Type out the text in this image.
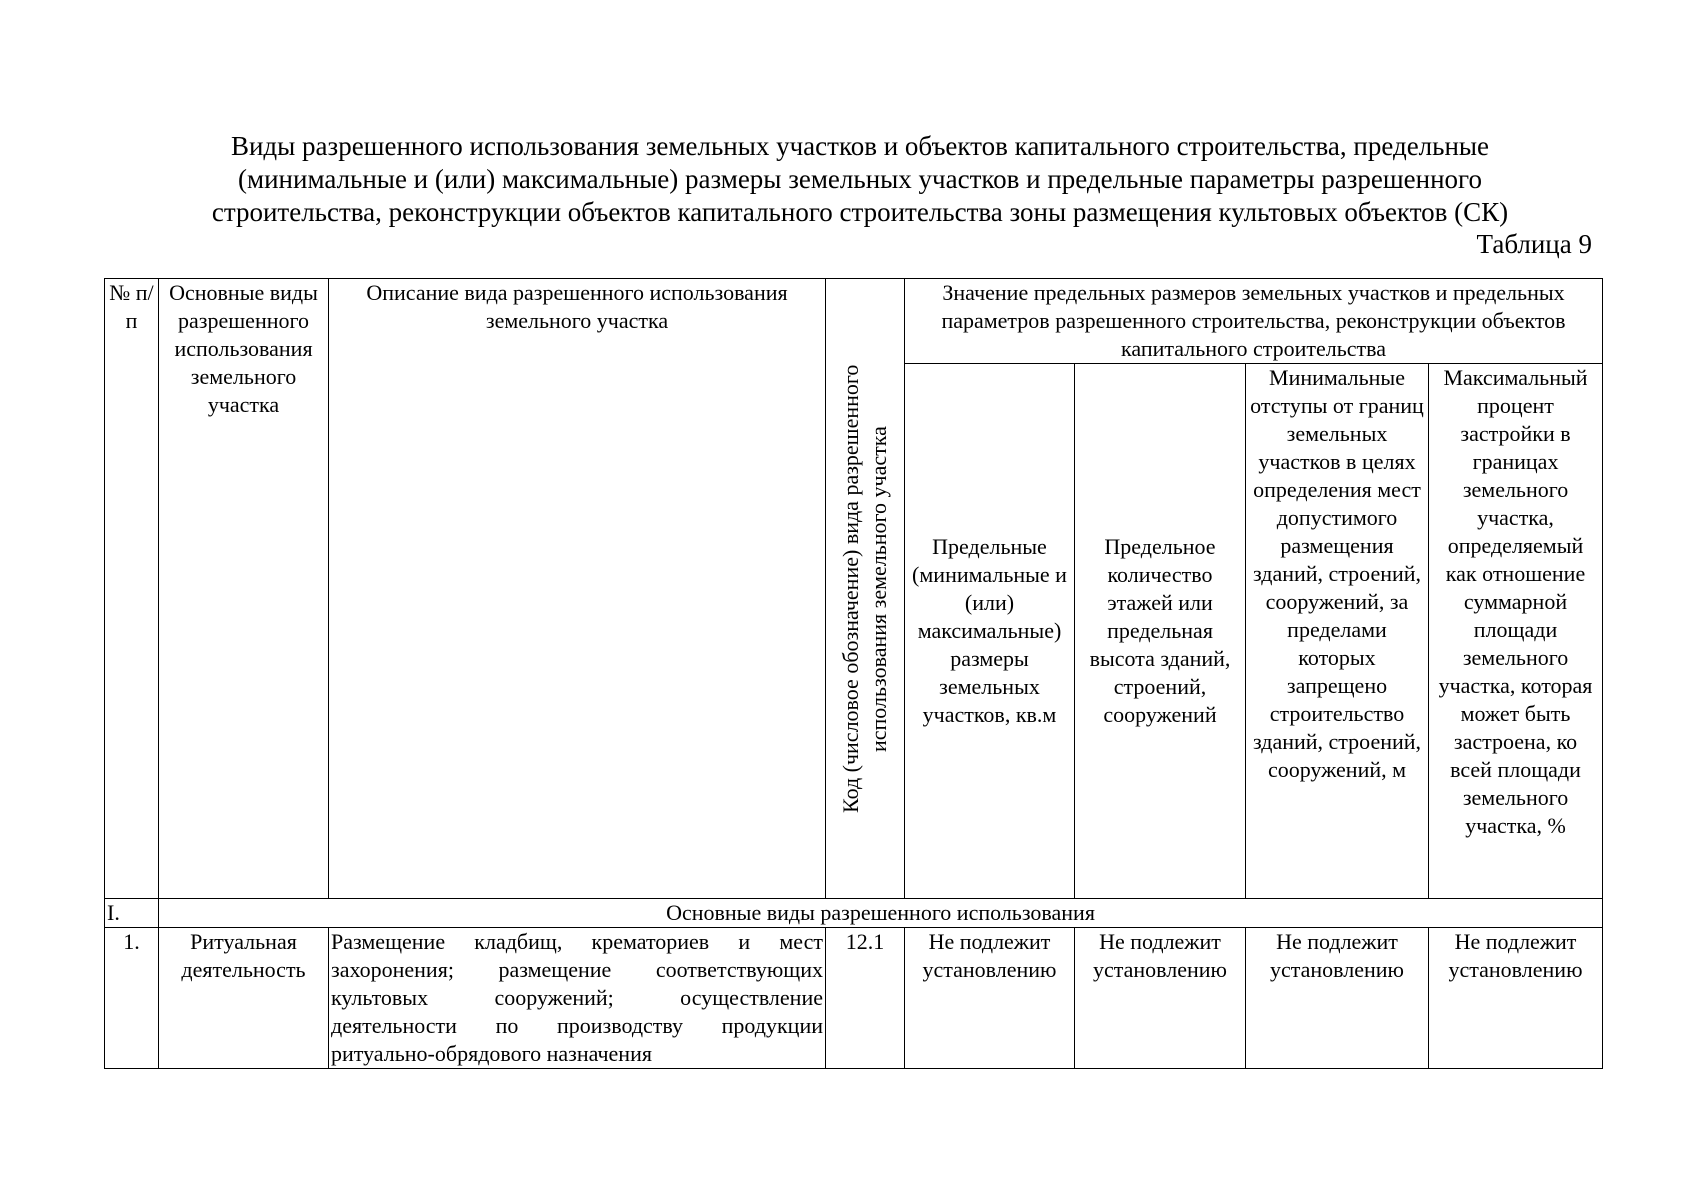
Виды разрешенного использования земельных участков и объектов капитального строительства, предельные
(минимальные и (или) максимальные) размеры земельных участков и предельные параметры разрешенного
строительства, реконструкции объектов капитального строительства зоны размещения культовых объектов (СК)
Таблица 9
№ п/п	Основные виды разрешенного использования земельного участка	Описание вида разрешенного использования земельного участка	Код (числовое обозначение) вида разрешенного использования земельного участка	Значение предельных размеров земельных участков и предельных параметров разрешенного строительства, реконструкции объектов капитального строительства			
				Предельные (минимальные и (или) максимальные) размеры земельных участков, кв.м	Предельное количество этажей или предельная высота зданий, строений, сооружений	Минимальные отступы от границ земельных участков в целях определения мест допустимого размещения зданий, строений, сооружений, за пределами которых запрещено строительство зданий, строений, сооружений, м	Максимальный процент застройки в границах земельного участка, определяемый как отношение суммарной площади земельного участка, которая может быть застроена, ко всей площади земельного участка, %
I.	Основные виды разрешенного использования						
1.	Ритуальная деятельность	Размещение кладбищ, крематориев и мест захоронения; размещение соответствующих культовых сооружений; осуществление деятельности по производству продукции ритуально-обрядового назначения	12.1	Не подлежит установлению	Не подлежит установлению	Не подлежит установлению	Не подлежит установлению
